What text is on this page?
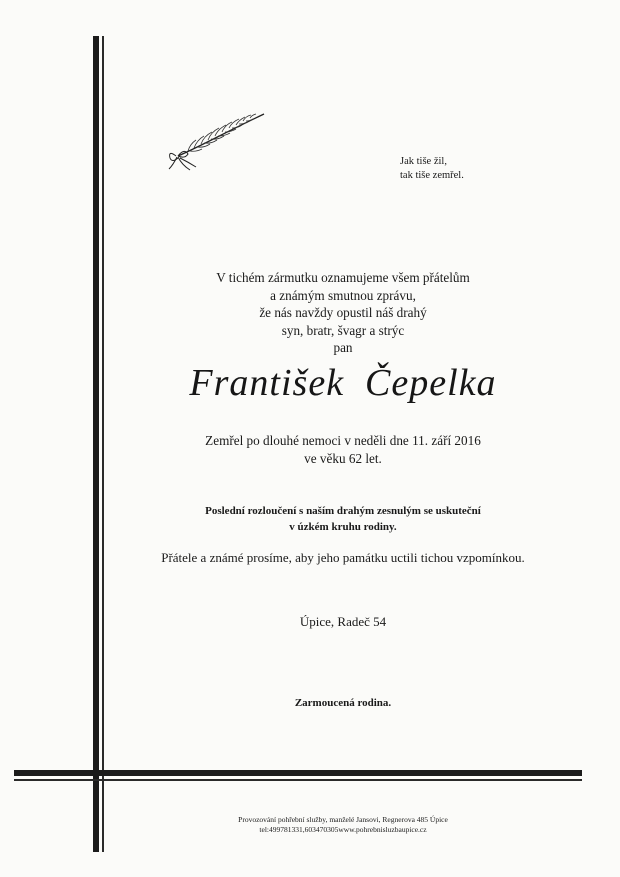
Jak tiše žil,
tak tiše zemřel.
V tichém zármutku oznamujeme všem přátelům
a známým smutnou zprávu,
že nás navždy opustil náš drahý
syn, bratr, švagr a strýc
pan
František  Čepelka
Zemřel po dlouhé nemoci v neděli dne 11. září 2016
ve věku 62 let.
Poslední rozloučení s naším drahým zesnulým se uskuteční
v úzkém kruhu rodiny.
Přátele a známé prosíme, aby jeho památku uctili tichou vzpomínkou.
Úpice, Radeč 54
Zarmoucená rodina.
Provozování pohřební služby, manželé Jansovi, Regnerova 485 Úpice
tel:499781331,603470305www.pohrebnisluzbaupice.cz
